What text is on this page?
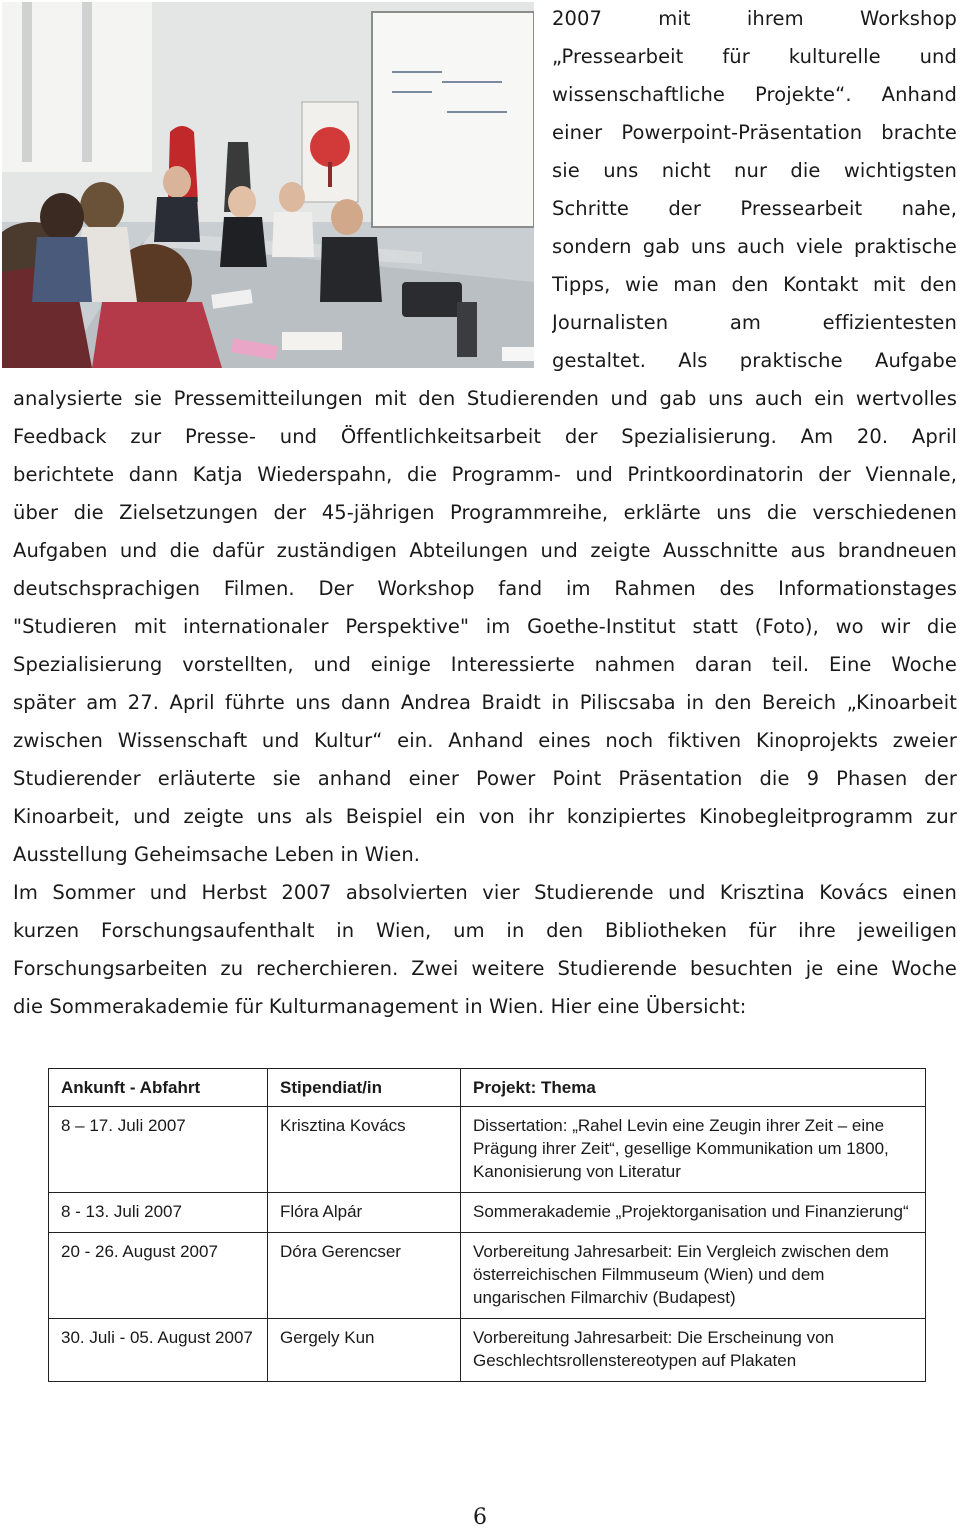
2007 mit ihrem Workshop
„Pressearbeit für kulturelle und
wissenschaftliche Projekte“. Anhand
einer Powerpoint-Präsentation brachte
sie uns nicht nur die wichtigsten
Schritte der Pressearbeit nahe,
sondern gab uns auch viele praktische
Tipps, wie man den Kontakt mit den
Journalisten am effizientesten
gestaltet. Als praktische Aufgabe
analysierte sie Pressemitteilungen mit den Studierenden und gab uns auch ein wertvolles
Feedback zur Presse- und Öffentlichkeitsarbeit der Spezialisierung. Am 20. April
berichtete dann Katja Wiederspahn, die Programm- und Printkoordinatorin der Viennale,
über die Zielsetzungen der 45-jährigen Programmreihe, erklärte uns die verschiedenen
Aufgaben und die dafür zuständigen Abteilungen und zeigte Ausschnitte aus brandneuen
deutschsprachigen Filmen. Der Workshop fand im Rahmen des Informationstages
"Studieren mit internationaler Perspektive" im Goethe-Institut statt (Foto), wo wir die
Spezialisierung vorstellten, und einige Interessierte nahmen daran teil. Eine Woche
später am 27. April führte uns dann Andrea Braidt in Piliscsaba in den Bereich „Kinoarbeit
zwischen Wissenschaft und Kultur“ ein. Anhand eines noch fiktiven Kinoprojekts zweier
Studierender erläuterte sie anhand einer Power Point Präsentation die 9 Phasen der
Kinoarbeit, und zeigte uns als Beispiel ein von ihr konzipiertes Kinobegleitprogramm zur
Ausstellung Geheimsache Leben in Wien.
Im Sommer und Herbst 2007 absolvierten vier Studierende und Krisztina Kovács einen
kurzen Forschungsaufenthalt in Wien, um in den Bibliotheken für ihre jeweiligen
Forschungsarbeiten zu recherchieren. Zwei weitere Studierende besuchten je eine Woche
die Sommerakademie für Kulturmanagement in Wien. Hier eine Übersicht:
Ankunft - Abfahrt	Stipendiat/in	Projekt: Thema
8 – 17. Juli 2007	Krisztina Kovács	Dissertation: „Rahel Levin eine Zeugin ihrer Zeit – eine Prägung ihrer Zeit“, gesellige Kommunikation um 1800, Kanonisierung von Literatur
8 - 13. Juli 2007	Flóra Alpár	Sommerakademie „Projektorganisation und Finanzierung“
20 - 26. August 2007	Dóra Gerencser	Vorbereitung Jahresarbeit: Ein Vergleich zwischen dem österreichischen Filmmuseum (Wien) und dem ungarischen Filmarchiv (Budapest)
30. Juli - 05. August 2007	Gergely Kun	Vorbereitung Jahresarbeit: Die Erscheinung von Geschlechtsrollenstereotypen auf Plakaten
6
